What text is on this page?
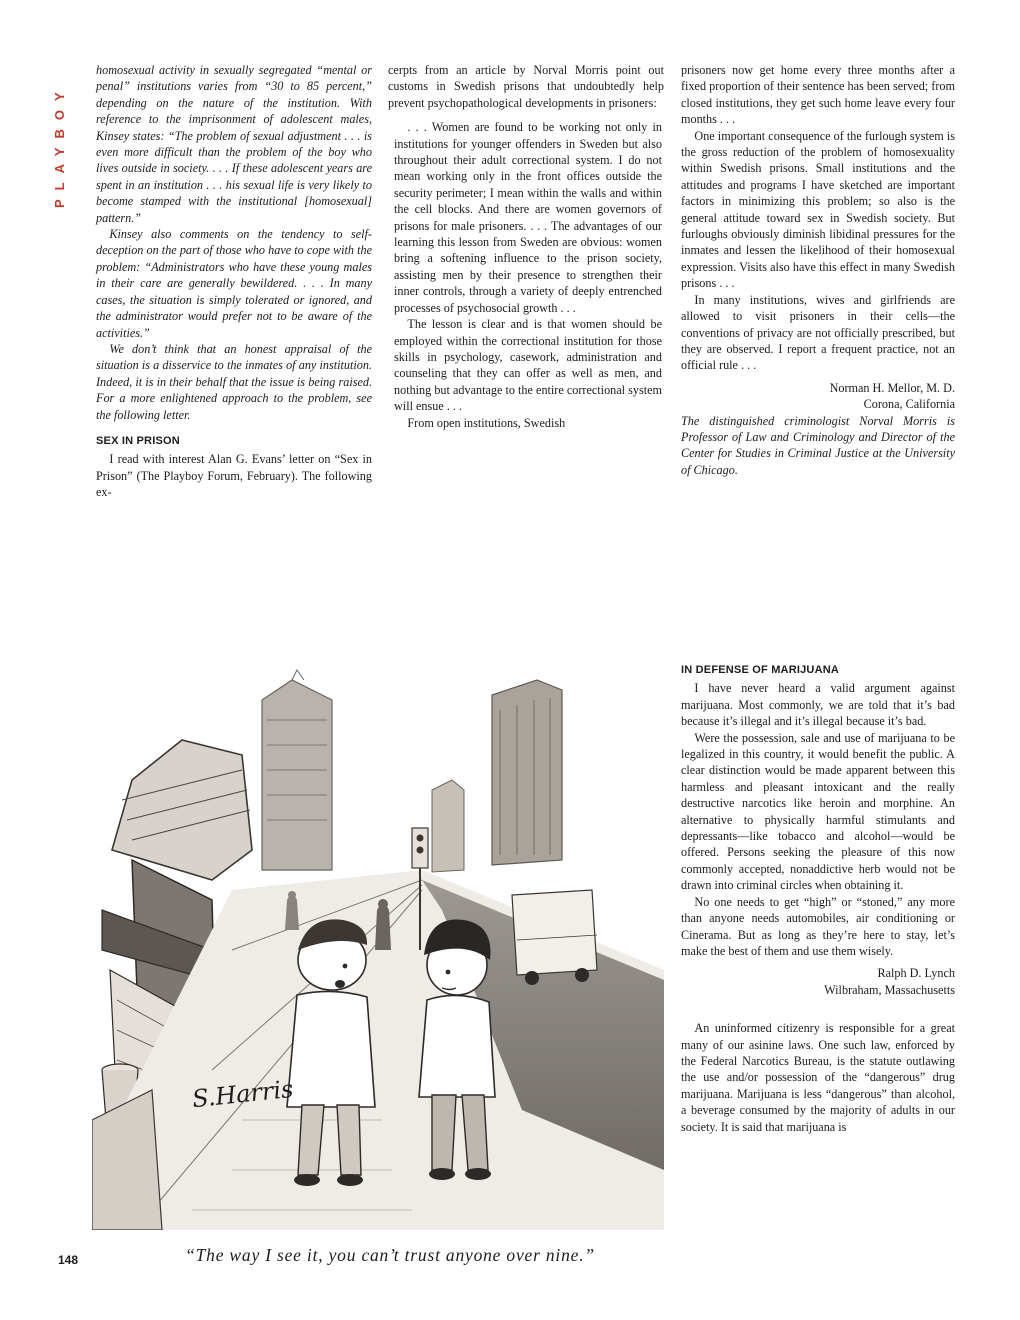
PLAYBOY

homosexual activity in sexually segregated “mental or penal” institutions varies from “30 to 85 percent,” depending on the nature of the institution. With reference to the imprisonment of adolescent males, Kinsey states: “The problem of sexual adjustment . . . is even more difficult than the problem of the boy who lives outside in society. . . . If these adolescent years are spent in an institution . . . his sexual life is very likely to become stamped with the institutional [homosexual] pattern.”

Kinsey also comments on the tendency to self-deception on the part of those who have to cope with the problem: “Administrators who have these young males in their care are generally bewildered. . . . In many cases, the situation is simply tolerated or ignored, and the administrator would prefer not to be aware of the activities.”

We don’t think that an honest appraisal of the situation is a disservice to the inmates of any institution. Indeed, it is in their behalf that the issue is being raised. For a more enlightened approach to the problem, see the following letter.

SEX IN PRISON

I read with interest Alan G. Evans’ letter on “Sex in Prison” (The Playboy Forum, February). The following ex-

cerpts from an article by Norval Morris point out customs in Swedish prisons that undoubtedly help prevent psychopathological developments in prisoners:

. . . Women are found to be working not only in institutions for younger offenders in Sweden but also throughout their adult correctional system. I do not mean working only in the front offices outside the security perimeter; I mean within the walls and within the cell blocks. And there are women governors of prisons for male prisoners. . . . The advantages of our learning this lesson from Sweden are obvious: women bring a softening influence to the prison society, assisting men by their presence to strengthen their inner controls, through a variety of deeply entrenched processes of psychosocial growth . . .

The lesson is clear and is that women should be employed within the correctional institution for those skills in psychology, casework, administration and counseling that they can offer as well as men, and nothing but advantage to the entire correctional system will ensue . . .

From open institutions, Swedish

prisoners now get home every three months after a fixed proportion of their sentence has been served; from closed institutions, they get such home leave every four months . . .

One important consequence of the furlough system is the gross reduction of the problem of homosexuality within Swedish prisons. Small institutions and the attitudes and programs I have sketched are important factors in minimizing this problem; so also is the general attitude toward sex in Swedish society. But furloughs obviously diminish libidinal pressures for the inmates and lessen the likelihood of their homosexual expression. Visits also have this effect in many Swedish prisons . . .

In many institutions, wives and girlfriends are allowed to visit prisoners in their cells—the conventions of privacy are not officially prescribed, but they are observed. I report a frequent practice, not an official rule . . .

Norman H. Mellor, M. D.

Corona, California

The distinguished criminologist Norval Morris is Professor of Law and Criminology and Director of the Center for Studies in Criminal Justice at the University of Chicago.

IN DEFENSE OF MARIJUANA

I have never heard a valid argument against marijuana. Most commonly, we are told that it’s bad because it’s illegal and it’s illegal because it’s bad.

Were the possession, sale and use of marijuana to be legalized in this country, it would benefit the public. A clear distinction would be made apparent between this harmless and pleasant intoxicant and the really destructive narcotics like heroin and morphine. An alternative to physically harmful stimulants and depressants—like tobacco and alcohol—would be offered. Persons seeking the pleasure of this now commonly accepted, nonaddictive herb would not be drawn into criminal circles when obtaining it.

No one needs to get “high” or “stoned,” any more than anyone needs automobiles, air conditioning or Cinerama. But as long as they’re here to stay, let’s make the best of them and use them wisely.

Ralph D. Lynch

Wilbraham, Massachusetts

An uninformed citizenry is responsible for a great many of our asinine laws. One such law, enforced by the Federal Narcotics Bureau, is the statute outlawing the use and/or possession of the “dangerous” drug marijuana. Marijuana is less “dangerous” than alcohol, a beverage consumed by the majority of adults in our society. It is said that marijuana is

S.Harris
“The way I see it, you can’t trust anyone over nine.”
148
